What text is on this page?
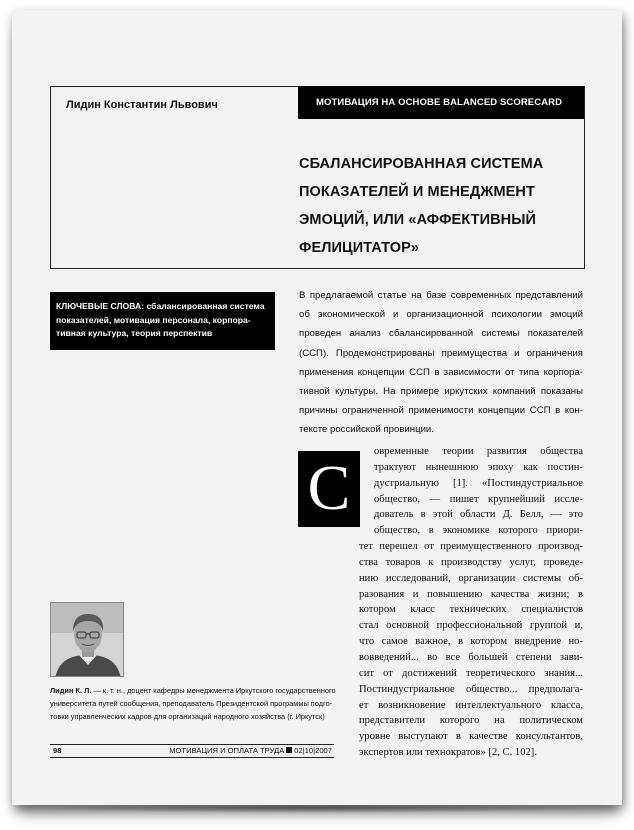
Лидин Константин Львович	МОТИВАЦИЯ НА ОСНОВЕ BALANCED SCORECARD
СБАЛАНСИРОВАННАЯ СИСТЕМА
ПОКАЗАТЕЛЕЙ И МЕНЕДЖМЕНТ
ЭМОЦИЙ, ИЛИ «АФФЕКТИВНЫЙ
ФЕЛИЦИТАТОР»
КЛЮЧЕВЫЕ СЛОВА: сбалансированная система
показателей, мотивация персонала, корпора-
тивная культура, теория перспектив
В предлагаемой статье на базе современных представлений
об экономической и организационной психологии эмоций
проведен анализ сбалансированной системы показателей
(ССП). Продемонстрированы преимущества и ограничения
применения концепции ССП в зависимости от типа корпора-
тивной культуры. На примере иркутских компаний показаны
причины ограниченной применимости концепции ССП в кон-
тексте российской провинции.
С
овременные теории развития общества
трактуют нынешнюю эпоху как постин-
дустриальную [1]. «Постиндустриальное
общество, — пишет крупнейший иссле-
дователь в этой области Д. Белл, — это
общество, в экономике которого приори-
тет перешел от преимущественного производ-
ства товаров к производству услуг, проведе-
нию исследований, организации системы об-
разования и повышению качества жизни; в
котором класс технических специалистов
стал основной профессиональной группой и,
что самое важное, в котором внедрение но-
вовведений... во все большей степени зави-
сит от достижений теоретического знания...
Постиндустриальное общество... предполага-
ет возникновение интеллектуального класса,
представители которого на политическом
уровне выступают в качестве консультантов,
экспертов или технократов» [2, С. 102].
Лидин К. Л. — к. т. н., доцент кафедры менеджмента Иркутского государственного
университета путей сообщения, преподаватель Президентской программы подго-
товки управленческих кадров для организаций народного хозяйства (г. Иркутск)
98	МОТИВАЦИЯ И ОПЛАТА ТРУДА 02|10|2007
